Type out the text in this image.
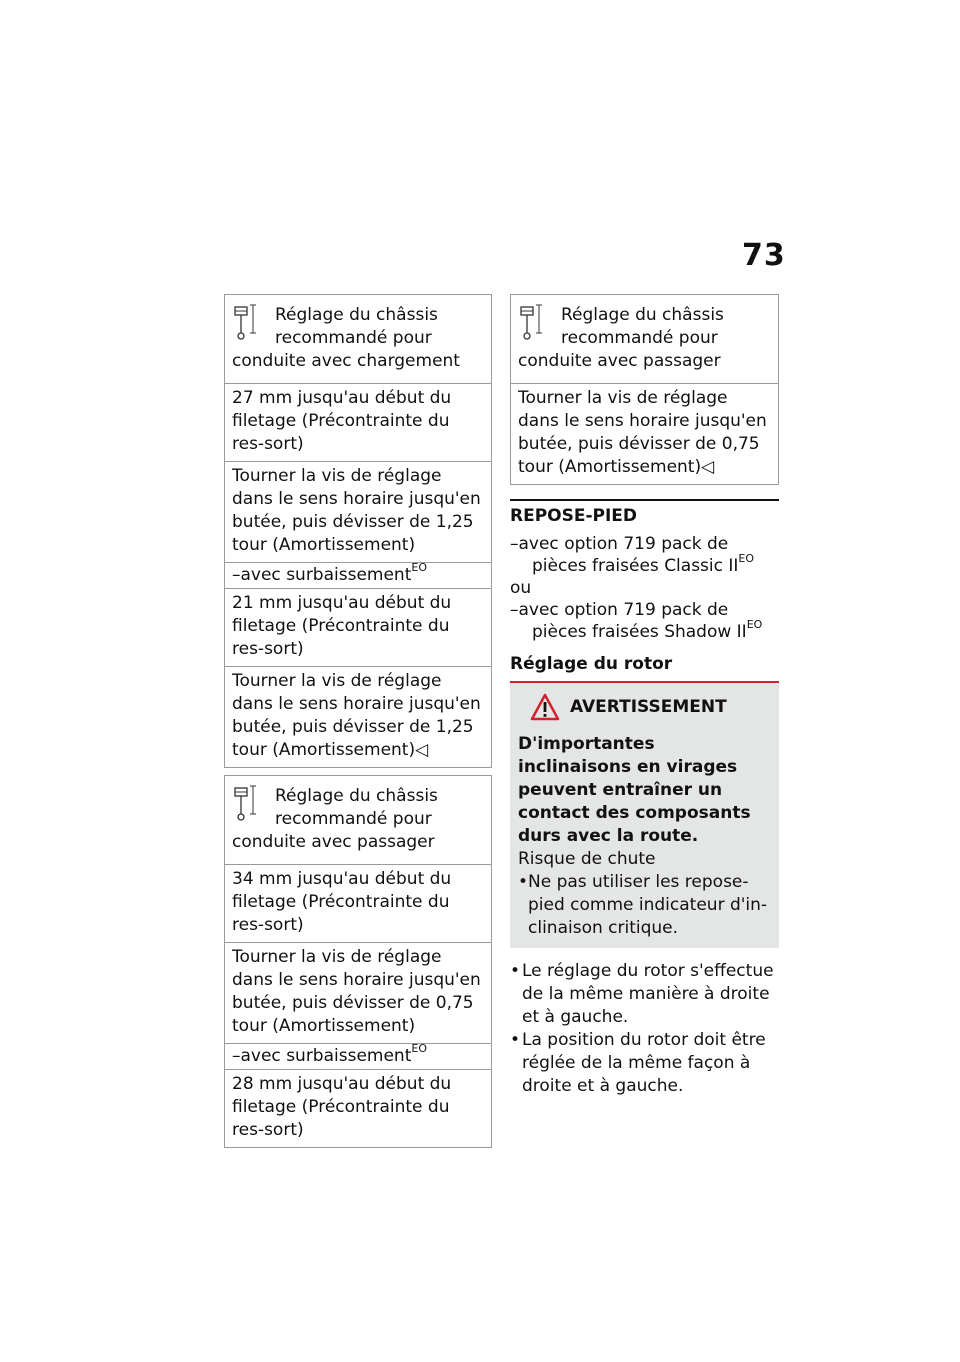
73
Réglage du châssis
recommandé pour
conduite avec chargement
27 mm jusqu'au début du filetage (Précontrainte du res-sort)
Tourner la vis de réglage dans le sens horaire jusqu'en butée, puis dévisser de 1,25 tour (Amortissement)
–avec surbaissement$^{EO}$
21 mm jusqu'au début du filetage (Précontrainte du res-sort)
Tourner la vis de réglage dans le sens horaire jusqu'en butée, puis dévisser de 1,25 tour (Amortissement)◁
Réglage du châssis
recommandé pour
conduite avec passager
34 mm jusqu'au début du filetage (Précontrainte du res-sort)
Tourner la vis de réglage dans le sens horaire jusqu'en butée, puis dévisser de 0,75 tour (Amortissement)
–avec surbaissement$^{EO}$
28 mm jusqu'au début du filetage (Précontrainte du res-sort)
Réglage du châssis
recommandé pour
conduite avec passager
Tourner la vis de réglage dans le sens horaire jusqu'en butée, puis dévisser de 0,75 tour (Amortissement)◁
REPOSE-PIED
–avec option 719 pack de
pièces fraisées Classic $II^{EO}$
ou
–avec option 719 pack de
pièces fraisées Shadow $II^{EO}$
Réglage du rotor
AVERTISSEMENT
D'importantes inclinaisons en virages peuvent entraîner un contact des composants durs avec la route.
Risque de chute
• Ne pas utiliser les repose-pied comme indicateur d'in-clinaison critique.
• Le réglage du rotor s'effectue de la même manière à droite et à gauche.
• La position du rotor doit être réglée de la même façon à droite et à gauche.
